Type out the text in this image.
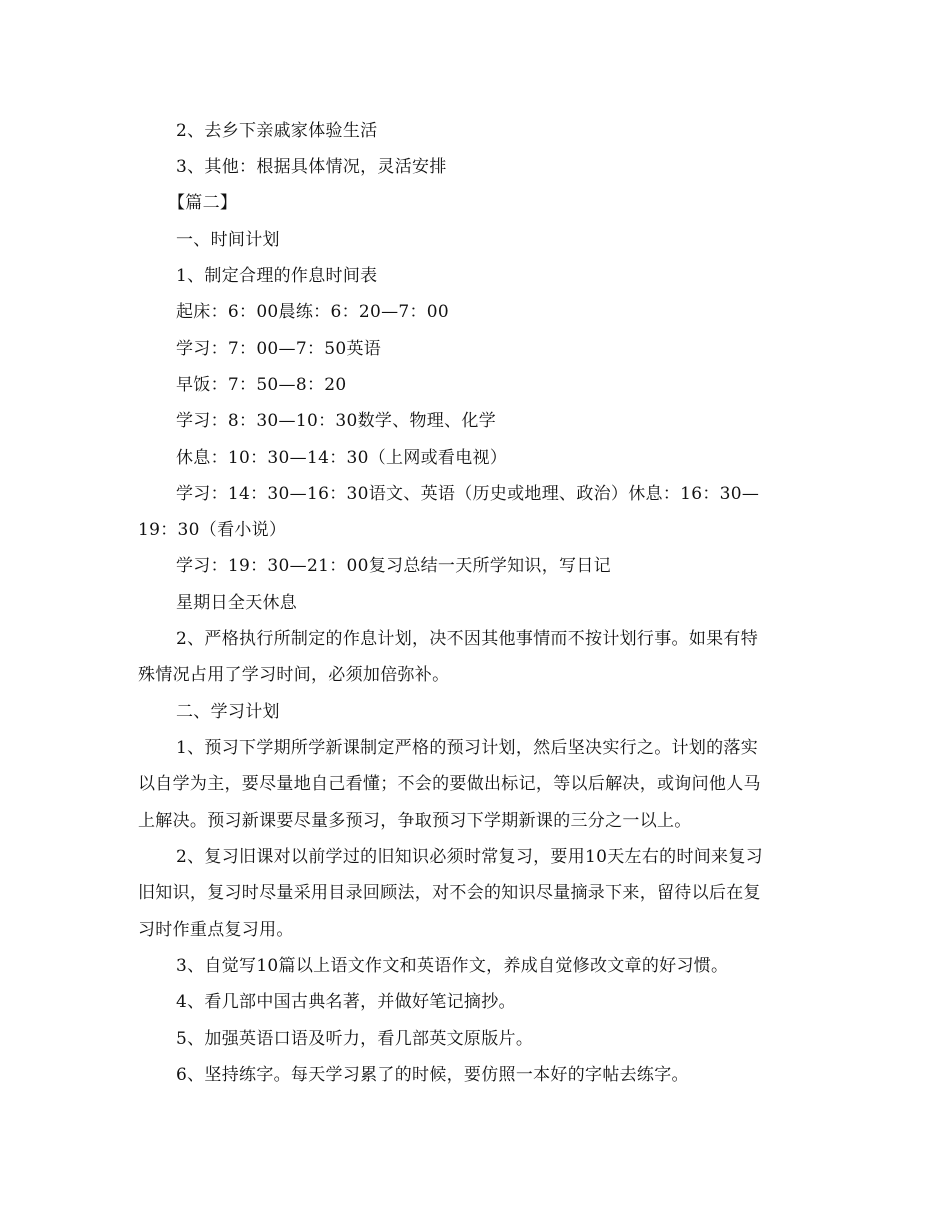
2、去乡下亲戚家体验生活
3、其他：根据具体情况，灵活安排
【篇二】
一、时间计划
1、制定合理的作息时间表
起床：6：00晨练：6：20—7：00
学习：7：00—7：50英语
早饭：7：50—8：20
学习：8：30—10：30数学、物理、化学
休息：10：30—14：30（上网或看电视）
学习：14：30—16：30语文、英语（历史或地理、政治）休息：16：30—
19：30（看小说）
学习：19：30—21：00复习总结一天所学知识，写日记
星期日全天休息
2、严格执行所制定的作息计划，决不因其他事情而不按计划行事。如果有特
殊情况占用了学习时间，必须加倍弥补。
二、学习计划
1、预习下学期所学新课制定严格的预习计划，然后坚决实行之。计划的落实
以自学为主，要尽量地自己看懂；不会的要做出标记，等以后解决，或询问他人马
上解决。预习新课要尽量多预习，争取预习下学期新课的三分之一以上。
2、复习旧课对以前学过的旧知识必须时常复习，要用10天左右的时间来复习
旧知识，复习时尽量采用目录回顾法，对不会的知识尽量摘录下来，留待以后在复
习时作重点复习用。
3、自觉写10篇以上语文作文和英语作文，养成自觉修改文章的好习惯。
4、看几部中国古典名著，并做好笔记摘抄。
5、加强英语口语及听力，看几部英文原版片。
6、坚持练字。每天学习累了的时候，要仿照一本好的字帖去练字。
